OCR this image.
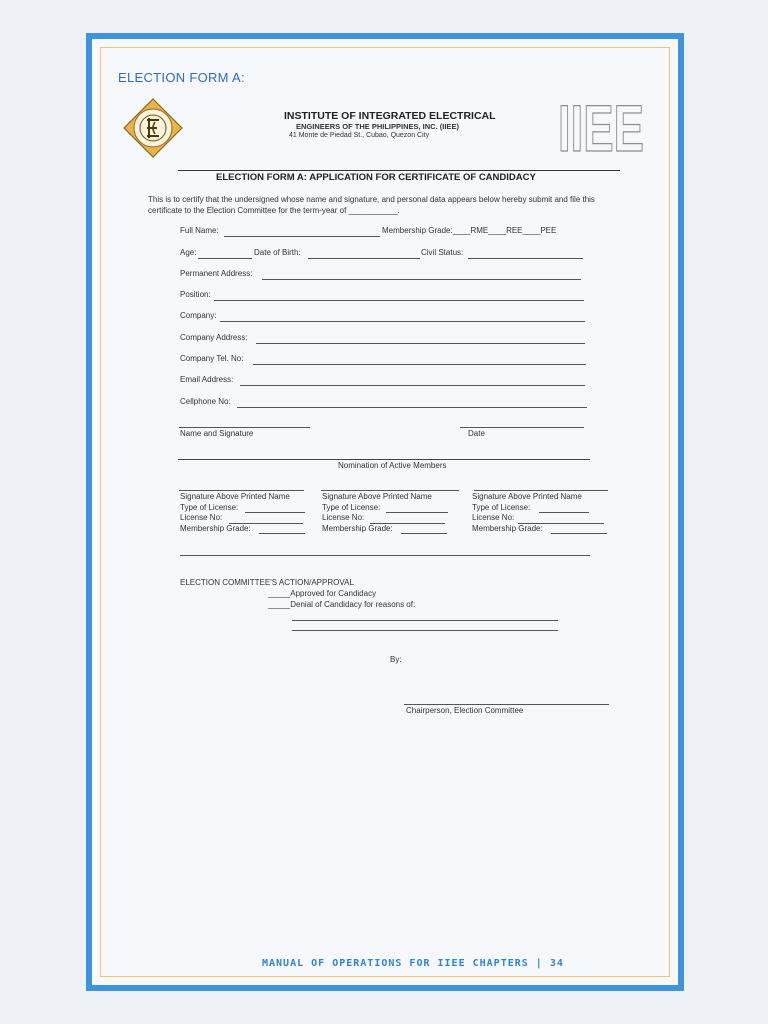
ELECTION FORM A:
INSTITUTE OF INTEGRATED ELECTRICAL
ENGINEERS OF THE PHILIPPINES, INC. (IIEE)
41 Monte de Piedad St., Cubao, Quezon City IIEE
ELECTION FORM A: APPLICATION FOR CERTIFICATE OF CANDIDACY
This is to certify that the undersigned whose name and signature, and personal data appears below hereby submit and file this certificate to the Election Committee for the term-year of ___________.
Full Name:	Membership Grade:____RME____REE____PEE
Age:	Date of Birth:	Civil Status:
Permanent Address:
Position:
Company:
Company Address:
Company Tel. No:
Email Address:
Cellphone No:
Name and Signature	Date
Nomination of Active Members
Signature Above Printed Name
Type of License:
License No:
Membership Grade:
Signature Above Printed Name
Type of License:
License No:
Membership Grade:
Signature Above Printed Name
Type of License:
License No:
Membership Grade:
ELECTION COMMITTEE'S ACTION/APPROVAL
_____Approved for Candidacy
_____Denial of Candidacy for reasons of:
By:
Chairperson, Election Committee
MANUAL OF OPERATIONS FOR IIEE CHAPTERS | 34
